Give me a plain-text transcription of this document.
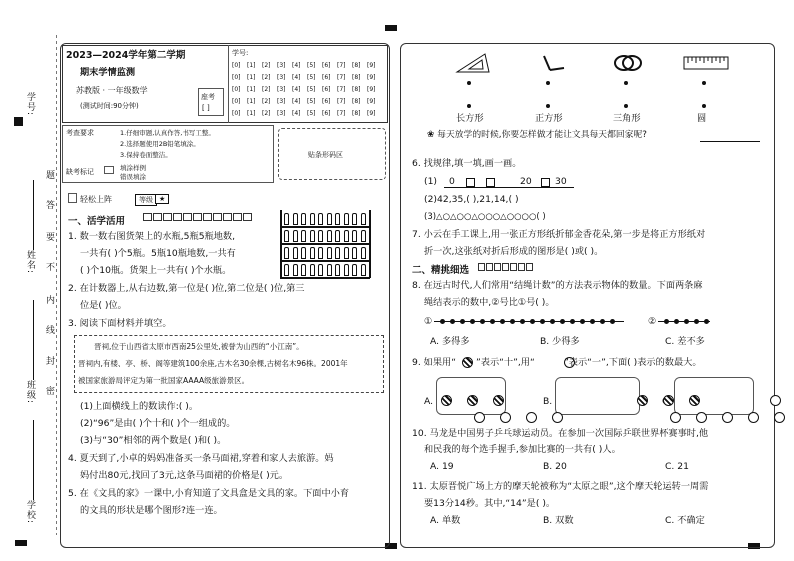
学号:
姓名:
班级:
学校:
题
答
要
不
内
线
封
密
2023—2024学年第二学期
期末学情监测
苏教版 · 一年级数学
(测试时间:90分钟)
座考
[ ]
学号:
[0] [1] [2] [3] [4] [5] [6] [7] [8] [9]
[0] [1] [2] [3] [4] [5] [6] [7] [8] [9]
[0] [1] [2] [3] [4] [5] [6] [7] [8] [9]
[0] [1] [2] [3] [4] [5] [6] [7] [8] [9]
[0] [1] [2] [3] [4] [5] [6] [7] [8] [9]
考查要求	1.仔细审题,认真作答,书写工整。
2.选择题使用2B铅笔填涂。
3.保持卷面整洁。
缺考标记	填涂样例
错误填涂
贴条形码区
轻松上阵	等级 ★
一、活学活用
1. 数一数右图货架上的水瓶,5瓶5瓶地数,
一共有( )个5瓶。5瓶10瓶地数,一共有
( )个10瓶。货架上一共有( )个水瓶。
2. 在计数器上,从右边数,第一位是( )位,第二位是( )位,第三
位是( )位。
3. 阅读下面材料并填空。
晋祠,位于山西省太原市西南25公里处,被誉为山西的“小江南”。
晋祠内,有楼、亭、桥、阁等建筑100余座,古木名30余棵,古树名木96株。2001年
被国家旅游局评定为第一批国家AAAA级旅游景区。
(1)上面横线上的数读作:( )。
(2)“96”是由( )个十和( )个一组成的。
(3)与“30”相邻的两个数是( )和( )。
4. 夏天到了,小卓的妈妈准备买一条马面裙,穿着和家人去旅游。妈
妈付出80元,找回了3元,这条马面裙的价格是( )元。
5. 在《文具的家》一课中,小育知道了文具盒是文具的家。下面中小育
的文具的形状是哪个图形?连一连。
长方形	正方形	三角形	圆
❀ 每天放学的时候,你要怎样做才能让文具每天都回家呢?
6. 找规律,填一填,画一画。
(1) 0	20	30
(2)42,35,( ),21,14,( )
(3)△○△○○△○○○△○○○○( )
7. 小云在手工课上,用一张正方形纸折郁金香花朵,第一步是将正方形纸对
折一次,这张纸对折后形成的图形是( )或( )。
二、精挑细选
8. 在远古时代,人们常用“结绳计数”的方法表示物体的数量。下面两条麻
绳结表示的数中,②号比①号( )。
①	②
A. 多得多	B. 少得多	C. 差不多
9. 如果用“
”表示“十”,用“	”表示“一”,下面( )表示的数最大。
A.	B.
10. 马龙是中国男子乒乓球运动员。在参加一次国际乒联世界杯赛事时,他
和民我的每个选手握手,参加比赛的一共有( )人。
A. 19	B. 20	C. 21
11. 太原晋悦广场上方的摩天轮被称为“太原之眼”,这个摩天轮运转一周需
要13分14秒。其中,“14”是( )。
A. 单数	B. 双数	C. 不确定
